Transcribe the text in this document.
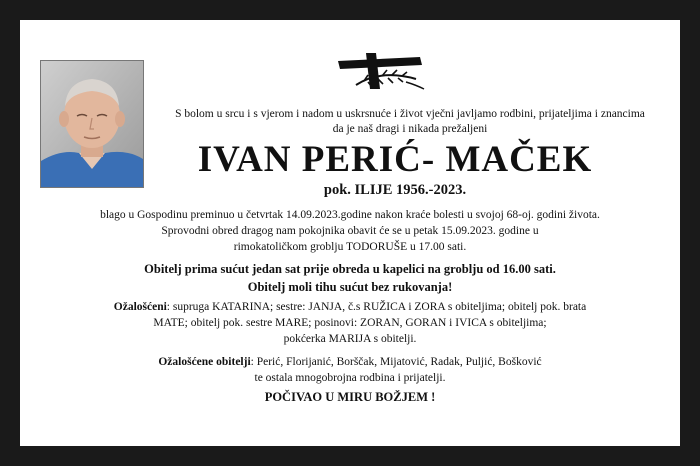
S bolom u srcu i s vjerom i nadom u uskrsnuće i život vječni javljamo rodbini, prijateljima i znancima
da je naš dragi i nikada prežaljeni
IVAN PERIĆ- MAČEK
pok. ILIJE 1956.-2023.
blago u Gospodinu preminuo u četvrtak 14.09.2023.godine nakon kraće bolesti u svojoj 68-oj. godini života.
Sprovodni obred dragog nam pokojnika obavit će se u petak 15.09.2023. godine u
rimokatoličkom groblju TODORUŠE u 17.00 sati.
Obitelj prima sućut jedan sat prije obreda u kapelici na groblju od 16.00 sati.
Obitelj moli tihu sućut bez rukovanja!
Ožalošćeni: supruga KATARINA; sestre: JANJA, č.s RUŽICA i ZORA s obiteljima; obitelj pok. brata
MATE; obitelj pok. sestre MARE; posinovi: ZORAN, GORAN i IVICA s obiteljima;
pokćerka MARIJA s obitelji.
Ožalošćene obitelji: Perić, Florijanić, Borščak, Mijatović, Radak, Puljić, Bošković
te ostala mnogobrojna rodbina i prijatelji.
POČIVAO U MIRU BOŽJEM !
